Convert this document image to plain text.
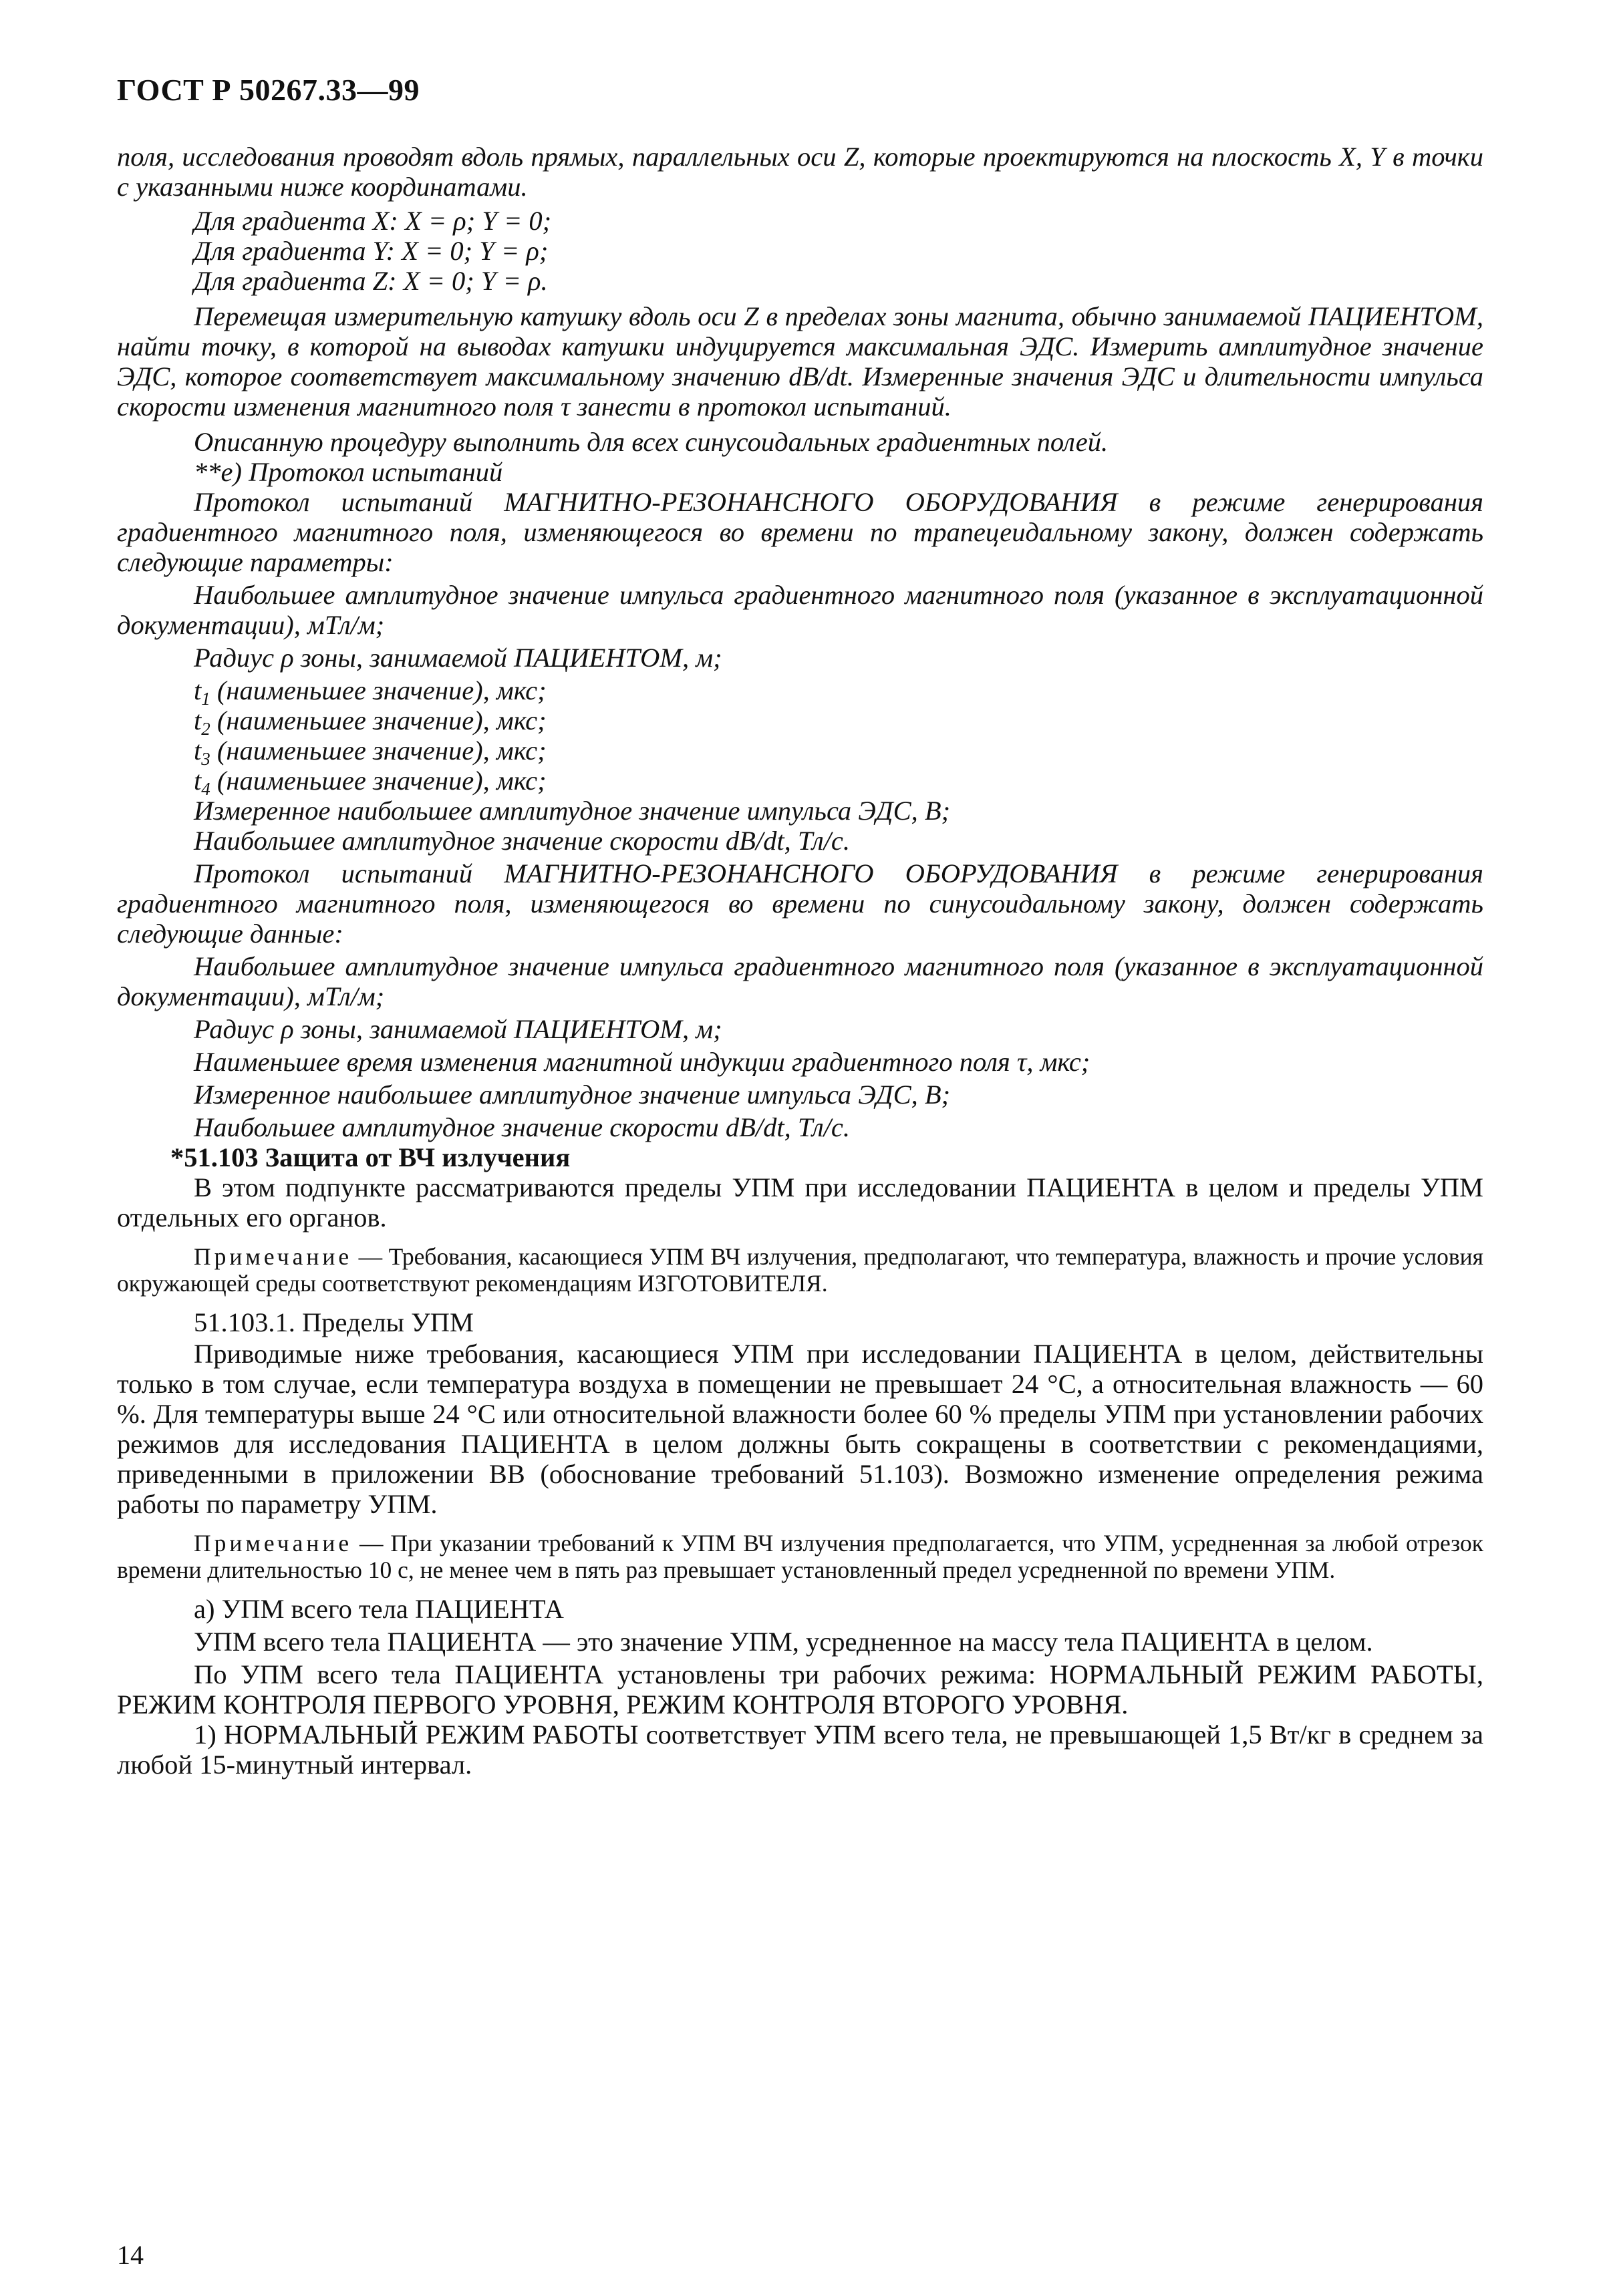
ГОСТ Р 50267.33—99

поля, исследования проводят вдоль прямых, параллельных оси Z, которые проектируются на плоскость X, Y в точки с указанными ниже координатами.

Для градиента X: X = ρ; Y = 0;

Для градиента Y: X = 0; Y = ρ;

Для градиента Z: X = 0; Y = ρ.

Перемещая измерительную катушку вдоль оси Z в пределах зоны магнита, обычно занимаемой ПАЦИЕНТОМ, найти точку, в которой на выводах катушки индуцируется максимальная ЭДС. Измерить амплитудное значение ЭДС, которое соответствует максимальному значению dB/dt. Измеренные значения ЭДС и длительности импульса скорости изменения магнитного поля τ занести в протокол испытаний.

Описанную процедуру выполнить для всех синусоидальных градиентных полей.

**е) Протокол испытаний

Протокол испытаний МАГНИТНО-РЕЗОНАНСНОГО ОБОРУДОВАНИЯ в режиме генерирования градиентного магнитного поля, изменяющегося во времени по трапецеидальному закону, должен содержать следующие параметры:

Наибольшее амплитудное значение импульса градиентного магнитного поля (указанное в эксплуатационной документации), мТл/м;

Радиус ρ зоны, занимаемой ПАЦИЕНТОМ, м;

$t_1$ (наименьшее значение), мкс;

$t_2$ (наименьшее значение), мкс;

$t_3$ (наименьшее значение), мкс;

$t_4$ (наименьшее значение), мкс;

Измеренное наибольшее амплитудное значение импульса ЭДС, В;

Наибольшее амплитудное значение скорости dB/dt, Тл/с.

Протокол испытаний МАГНИТНО-РЕЗОНАНСНОГО ОБОРУДОВАНИЯ в режиме генерирования градиентного магнитного поля, изменяющегося во времени по синусоидальному закону, должен содержать следующие данные:

Наибольшее амплитудное значение импульса градиентного магнитного поля (указанное в эксплуатационной документации), мТл/м;

Радиус ρ зоны, занимаемой ПАЦИЕНТОМ, м;

Наименьшее время изменения магнитной индукции градиентного поля τ, мкс;

Измеренное наибольшее амплитудное значение импульса ЭДС, В;

Наибольшее амплитудное значение скорости dB/dt, Тл/с.

*51.103 Защита от ВЧ излучения

В этом подпункте рассматриваются пределы УПМ при исследовании ПАЦИЕНТА в целом и пределы УПМ отдельных его органов.

Примечание — Требования, касающиеся УПМ ВЧ излучения, предполагают, что температура, влажность и прочие условия окружающей среды соответствуют рекомендациям ИЗГОТОВИТЕЛЯ.

51.103.1. Пределы УПМ

Приводимые ниже требования, касающиеся УПМ при исследовании ПАЦИЕНТА в целом, действительны только в том случае, если температура воздуха в помещении не превышает 24 °С, а относительная влажность — 60 %. Для температуры выше 24 °С или относительной влажности более 60 % пределы УПМ при установлении рабочих режимов для исследования ПАЦИЕНТА в целом должны быть сокращены в соответствии с рекомендациями, приведенными в приложении ВВ (обоснование требований 51.103). Возможно изменение определения режима работы по параметру УПМ.

Примечание — При указании требований к УПМ ВЧ излучения предполагается, что УПМ, усредненная за любой отрезок времени длительностью 10 с, не менее чем в пять раз превышает установленный предел усредненной по времени УПМ.

а) УПМ всего тела ПАЦИЕНТА

УПМ всего тела ПАЦИЕНТА — это значение УПМ, усредненное на массу тела ПАЦИЕНТА в целом.

По УПМ всего тела ПАЦИЕНТА установлены три рабочих режима: НОРМАЛЬНЫЙ РЕЖИМ РАБОТЫ, РЕЖИМ КОНТРОЛЯ ПЕРВОГО УРОВНЯ, РЕЖИМ КОНТРОЛЯ ВТОРОГО УРОВНЯ.

1) НОРМАЛЬНЫЙ РЕЖИМ РАБОТЫ соответствует УПМ всего тела, не превышающей 1,5 Вт/кг в среднем за любой 15-минутный интервал.

14
